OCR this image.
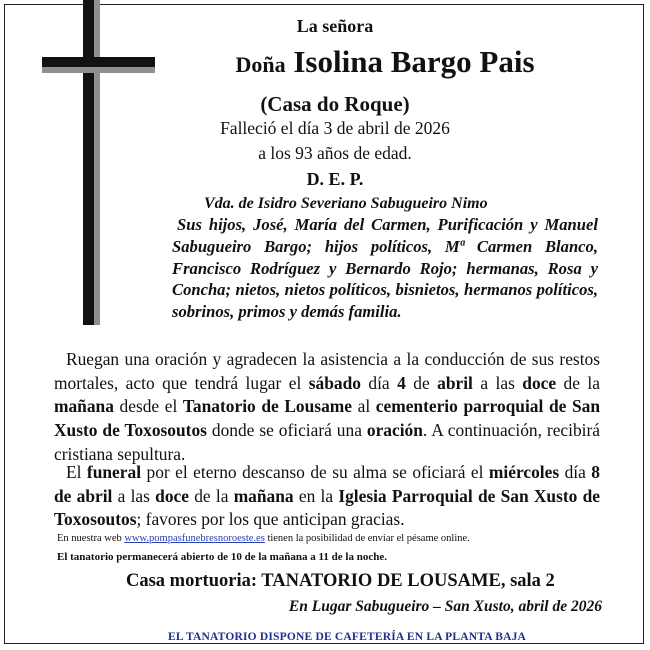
La señora
Doña Isolina Bargo Pais
(Casa do Roque)
Falleció el día 3 de abril de 2026
a los 93 años de edad.
D. E. P.
Vda. de Isidro Severiano Sabugueiro Nimo
Sus hijos, José, María del Carmen, Purificación y Manuel Sabugueiro Bargo; hijos políticos, Mª Carmen Blanco, Francisco Rodríguez y Bernardo Rojo; hermanas, Rosa y Concha; nietos, nietos políticos, bisnietos, hermanos políticos, sobrinos, primos y demás familia.
Ruegan una oración y agradecen la asistencia a la conducción de sus restos mortales, acto que tendrá lugar el sábado día 4 de abril a las doce de la mañana desde el Tanatorio de Lousame al cementerio parroquial de San Xusto de Toxosoutos donde se oficiará una oración. A continuación, recibirá cristiana sepultura.
El funeral por el eterno descanso de su alma se oficiará el miércoles día 8 de abril a las doce de la mañana en la Iglesia Parroquial de San Xusto de Toxosoutos; favores por los que anticipan gracias.
En nuestra web www.pompasfunebresnoroeste.es tienen la posibilidad de enviar el pésame online.
El tanatorio permanecerá abierto de 10 de la mañana a 11 de la noche.
Casa mortuoria: TANATORIO DE LOUSAME, sala 2
En Lugar Sabugueiro – San Xusto, abril de 2026
EL TANATORIO DISPONE DE CAFETERÍA EN LA PLANTA BAJA
